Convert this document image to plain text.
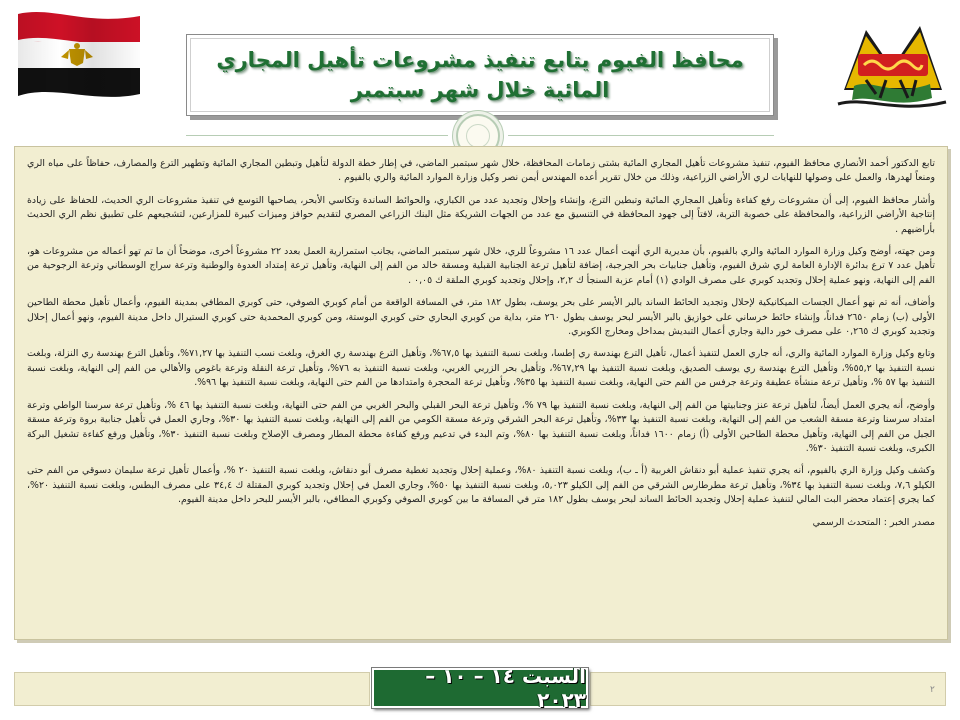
محافظ الفيوم يتابع تنفيذ مشروعات تأهيل المجاري المائية خلال شهر سبتمبر

تابع الدكتور أحمد الأنصاري محافظ الفيوم، تنفيذ مشروعات تأهيل المجاري المائية بشتى زمامات المحافظة، خلال شهر سبتمبر الماضي، في إطار خطة الدولة لتأهيل وتبطين المجاري المائية وتطهير الترع والمصارف، حفاظاً على مياه الري ومنعاً لهدرها، والعمل على وصولها للنهايات لري الأراضي الزراعية، وذلك من خلال تقرير أعده المهندس أيمن نصر وكيل وزارة الموارد المائية والري بالفيوم .

وأشار محافظ الفيوم، إلى أن مشروعات رفع كفاءة وتأهيل المجاري المائية وتبطين الترع، وإنشاء وإحلال وتجديد عدد من الكباري، والحوائط الساندة وتكاسي الأبحر، يصاحبها التوسع في تنفيذ مشروعات الري الحديث، للحفاظ على زيادة إنتاجية الأراضي الزراعية، والمحافظة على خصوبة التربة، لافتاً إلى جهود المحافظة في التنسيق مع عدد من الجهات الشريكة مثل البنك الزراعي المصري لتقديم حوافز وميزات كبيرة للمزارعين، لتشجيعهم على تطبيق نظم الري الحديث بأراضيهم .

ومن جهته، أوضح وكيل وزارة الموارد المائية والري بالفيوم، بأن مديرية الري أنهت أعمال عدد ١٦ مشروعاً للري، خلال شهر سبتمبر الماضي، بجانب استمرارية العمل بعدد ٢٢ مشروعاً أخرى، موضحاً أن ما تم تهو أعماله من مشروعات هو، تأهيل عدد ٧ ترع بدائرة الإدارة العامة لري شرق الفيوم، وتأهيل جنابيات بحر الجرجبة، إضافة لتأهيل ترعة الجنابية القبلية ومسقة خالد من الفم إلى النهاية، وتأهيل ترعة إمتداد العدوة والوطنية وترعة سراج الوسطاني وترعة الرجوحية من الفم إلى النهاية، ونهو عملية إحلال وتجديد كوبري على مصرف الوادي (١) أمام عزبة السنجأ ك ٢,٢، وإحلال وتجديد كوبري الملقة ك ٠,٠٥ .

وأضاف، أنه تم نهو أعمال الجسات الميكانيكية لإحلال وتجديد الحائط الساند بالبر الأيسر على بحر يوسف، بطول ١٨٢ متر، في المسافة الواقعة من أمام كوبري الصوفي، حتى كوبري المطافي بمدينة الفيوم، وأعمال تأهيل محطة الطاحين الأولى (ب) زمام ٢٦٥٠ فداناً، وإنشاء حائط خرساني على خوازيق بالبر الأيسر لبحر يوسف بطول ٢٦٠ متر، بداية من كوبري البحاري حتى كوبري البوستة، ومن كوبري المحمدية حتى كوبري الستيرال داخل مدينة الفيوم، ونهو أعمال إحلال وتجديد كوبري ك ٠,٢٦٥ على مصرف خور دالية وجاري أعمال التبديش بمداخل ومخارج الكوبري.

وتابع وكيل وزارة الموارد المائية والري، أنه جاري العمل لتنفيذ أعمال، تأهيل الترع بهندسة ري إطسا، وبلغت نسبة التنفيذ بها ٦٧,٥%، وتأهيل الترع بهندسة ري الغرق، وبلغت نسب التنفيذ بها ٧١,٢٧%، وتأهيل الترع بهندسة ري النزلة، وبلغت نسبة التنفيذ بها ٥٥,٢%، وتأهيل الترع بهندسة ري يوسف الصديق، وبلغت نسبة التنفيذ بها ٦٧,٢٩%، وتأهيل بحر الزربي الغربي، وبلغت نسبة التنفيذ به ٧٦%، وتأهيل ترعة النقلة وترعة باغوص والأهالي من الفم إلى النهاية، وبلغت نسبة التنفيذ بها ٥٧ %، وتأهيل ترعة منشأة عطيفة وترعة جرفس من الفم حتى النهاية، وبلغت نسبة التنفيذ بها ٣٥%، وتأهيل ترعة المحجرة وامتدادها من الفم حتى النهاية، وبلغت نسبة التنفيذ بها ٩٦%.

وأوضح، أنه يجري العمل أيضاً، لتأهيل ترعة عنز وجنابيتها من الفم إلى النهاية، وبلغت نسبة التنفيذ بها ٧٩ %، وتأهيل ترعة البحر القبلي والبحر الغربي من الفم حتى النهاية، وبلغت نسبة التنفيذ بها ٤٦ %، وتأهيل ترعة سرسنا الواطي وترعة امتداد سرسنا وترعة مسقة الشعب من الفم إلى النهاية، وبلغت نسبة التنفيذ بها ٣٣%، وتأهيل ترعة البحر الشرقي وترعة مسقة الكومي من الفم إلى النهاية، وبلغت نسبة التنفيذ بها ٣٠%، وجاري العمل في تأهيل جنابية بروة وترعة مسقة الجبل من الفم إلى النهاية، وتأهيل محطة الطاحين الأولى (أ) زمام ١٦٠٠ فداناً، وبلغت نسبة التنفيذ بها ٨٠%، وتم البدء في تدعيم ورفع كفاءة محطة المطار ومصرف الإصلاح وبلغت نسبة التنفيذ ٣٠%، وتأهيل ورفع كفاءة تشغيل البركة الكبرى، وبلغت نسبة التنفيذ ٣٠%.

وكشف وكيل وزارة الري بالفيوم، أنه يجري تنفيذ عملية أبو دنقاش الغربية (أ ـ ب)، وبلغت نسبة التنفيذ ٨٠%، وعملية إحلال وتجديد تغطية مصرف أبو دنقاش، وبلغت نسبة التنفيذ ٢٠ %، وأعمال تأهيل ترعة سليمان دسوقي من الفم حتى الكيلو ٧,٦، وبلغت نسبة التنفيذ بها ٣٤%، وتأهيل ترعة مطرطارس الشرقي من الفم إلى الكيلو ٥,٠٢٣، وبلغت نسبة التنفيذ بها ٥٠%، وجاري العمل في إحلال وتجديد كوبري المقتلة ك ٣٤,٤ على مصرف البطس، وبلغت نسبة التنفيذ ٢٠%، كما يجري إعتماد محضر البت المالي لتنفيذ عملية إحلال وتجديد الحائط الساند لبحر يوسف بطول ١٨٢ متر في المسافة ما بين كوبري الصوفي وكوبري المطافي، بالبر الأيسر للبحر داخل مدينة الفيوم.

مصدر الخبر : المتحدث الرسمي

السبت ١٤ – ١٠ – ٢٠٢٣	٢
